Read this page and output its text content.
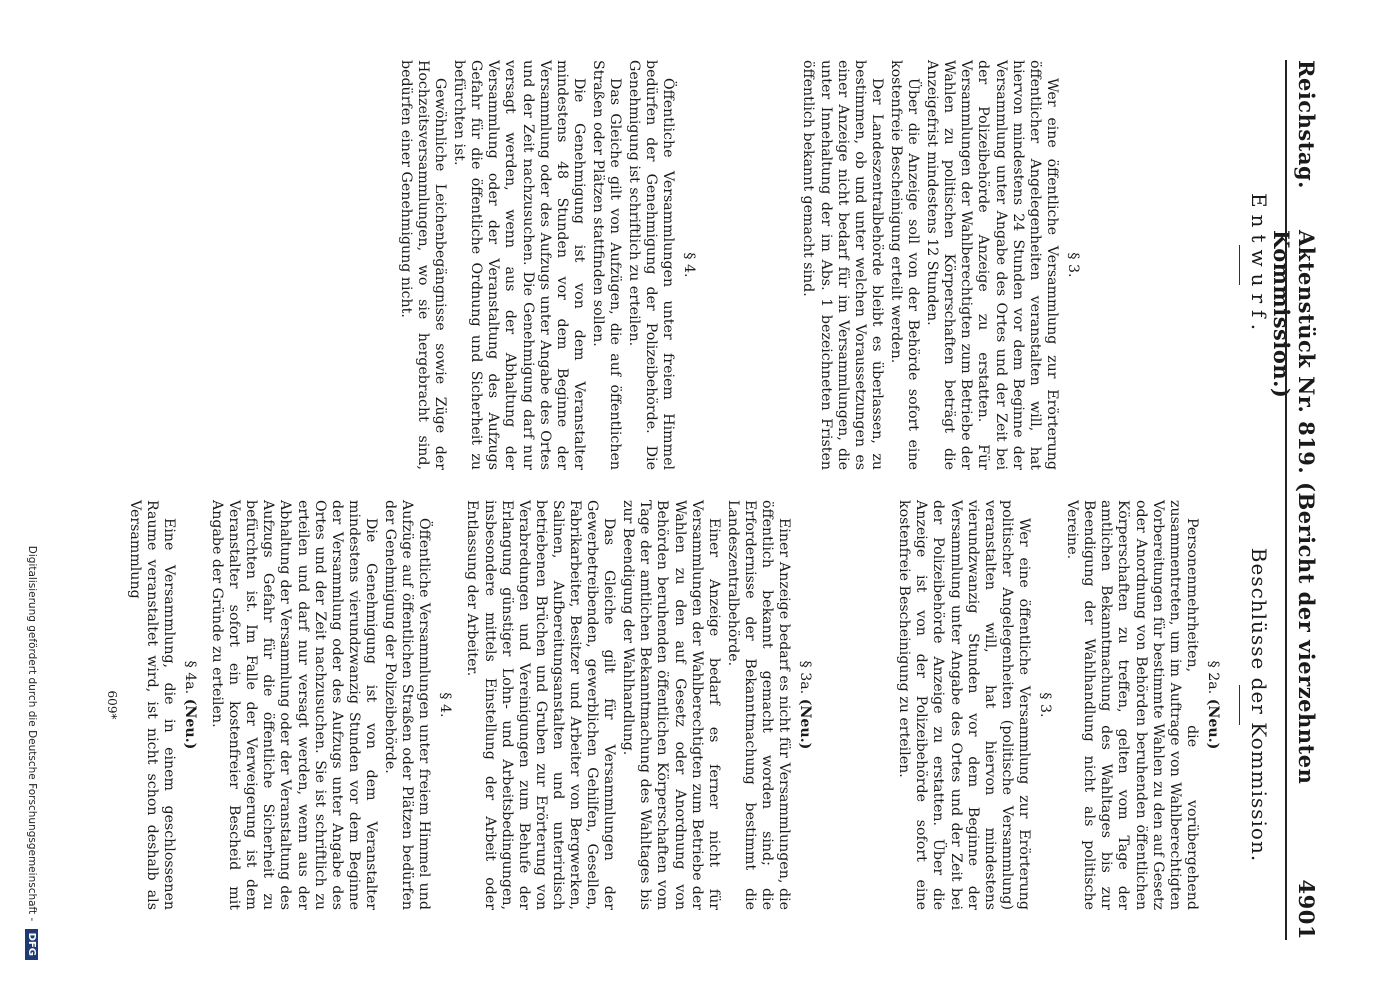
Reichstag.
Aktenstück Nr. 819. (Bericht der vierzehnten Kommission.)
4901
Entwurf.
§ 3.

Wer eine öffentliche Versammlung zur Erörterung öffentlicher Angelegenheiten veranstalten will, hat hiervon mindestens 24 Stunden vor dem Beginne der Versammlung unter Angabe des Ortes und der Zeit bei der Polizeibehörde Anzeige zu erstatten. Für Versammlungen der Wahlberechtigten zum Betriebe der Wahlen zu politischen Körperschaften beträgt die Anzeigefrist mindestens 12 Stunden.

Über die Anzeige soll von der Behörde sofort eine kostenfreie Bescheinigung erteilt werden.

Der Landeszentralbehörde bleibt es überlassen, zu bestimmen, ob und unter welchen Voraussetzungen es einer Anzeige nicht bedarf für im Versammlungen, die unter Innehaltung der im Abs. 1 bezeichneten Fristen öffentlich bekannt gemacht sind.

§ 4.

Öffentliche Versammlungen unter freiem Himmel bedürfen der Genehmigung der Polizeibehörde. Die Genehmigung ist schriftlich zu erteilen.

Das Gleiche gilt von Aufzügen, die auf öffentlichen Straßen oder Plätzen stattfinden sollen.

Die Genehmigung ist von dem Veranstalter mindestens 48 Stunden vor dem Beginne der Versammlung oder des Aufzugs unter Angabe des Ortes und der Zeit nachzusuchen. Die Genehmigung darf nur versagt werden, wenn aus der Abhaltung der Versammlung oder der Veranstaltung des Aufzugs Gefahr für die öffentliche Ordnung und Sicherheit zu befürchten ist.

Gewöhnliche Leichenbegängnisse sowie Züge der Hochzeitsversammlungen, wo sie hergebracht sind, bedürfen einer Genehmigung nicht.

Beschlüsse der Kommission.
§ 2a. (Neu.)

Personenmehrheiten, die vorübergehend zusammentreten, um im Auftrage von Wahlberechtigten Vorbereitungen für bestimmte Wahlen zu den auf Gesetz oder Anordnung von Behörden beruhenden öffentlichen Körperschaften zu treffen, gelten vom Tage der amtlichen Bekanntmachung des Wahltages bis zur Beendigung der Wahlhandlung nicht als politische Vereine.

§ 3.

Wer eine öffentliche Versammlung zur Erörterung politischer Angelegenheiten (politische Versammlung) veranstalten will, hat hiervon mindestens vierundzwanzig Stunden vor dem Beginne der Versammlung unter Angabe des Ortes und der Zeit bei der Polizeibehörde Anzeige zu erstatten. Über die Anzeige ist von der Polizeibehörde sofort eine kostenfreie Bescheinigung zu erteilen.

§ 3a. (Neu.)

Einer Anzeige bedarf es nicht für Versammlungen, die öffentlich bekannt gemacht worden sind; die Erfordernisse der Bekanntmachung bestimmt die Landeszentralbehörde.

Einer Anzeige bedarf es ferner nicht für Versammlungen der Wahlberechtigten zum Betriebe der Wahlen zu den auf Gesetz oder Anordnung von Behörden beruhenden öffentlichen Körperschaften vom Tage der amtlichen Bekanntmachung des Wahltages bis zur Beendigung der Wahlhandlung.

Das Gleiche gilt für Versammlungen der Gewerbetreibenden, gewerblichen Gehilfen, Gesellen, Fabrikarbeiter, Besitzer und Arbeiter von Bergwerken, Salinen, Aufbereitungsanstalten und unterirdisch betriebenen Brüchen und Gruben zur Erörterung von Verabredungen und Vereinigungen zum Behufe der Erlangung günstiger Lohn- und Arbeitsbedingungen, insbesondere mittels Einstellung der Arbeit oder Entlassung der Arbeiter.

§ 4.

Öffentliche Versammlungen unter freiem Himmel und Aufzüge auf öffentlichen Straßen oder Plätzen bedürfen der Genehmigung der Polizeibehörde.

Die Genehmigung ist von dem Veranstalter mindestens vierundzwanzig Stunden vor dem Beginne der Versammlung oder des Aufzugs unter Angabe des Ortes und der Zeit nachzusuchen. Sie ist schriftlich zu erteilen und darf nur versagt werden, wenn aus der Abhaltung der Versammlung oder der Veranstaltung des Aufzugs Gefahr für die öffentliche Sicherheit zu befürchten ist. Im Falle der Verweigerung ist dem Veranstalter sofort ein kostenfreier Bescheid mit Angabe der Gründe zu erteilen.

§ 4a. (Neu.)

Eine Versammlung, die in einem geschlossenen Raume veranstaltet wird, ist nicht schon deshalb als Versammlung

609*
Digitalisierung gefördert durch die Deutsche Forschungsgemeinschaft - DFG
